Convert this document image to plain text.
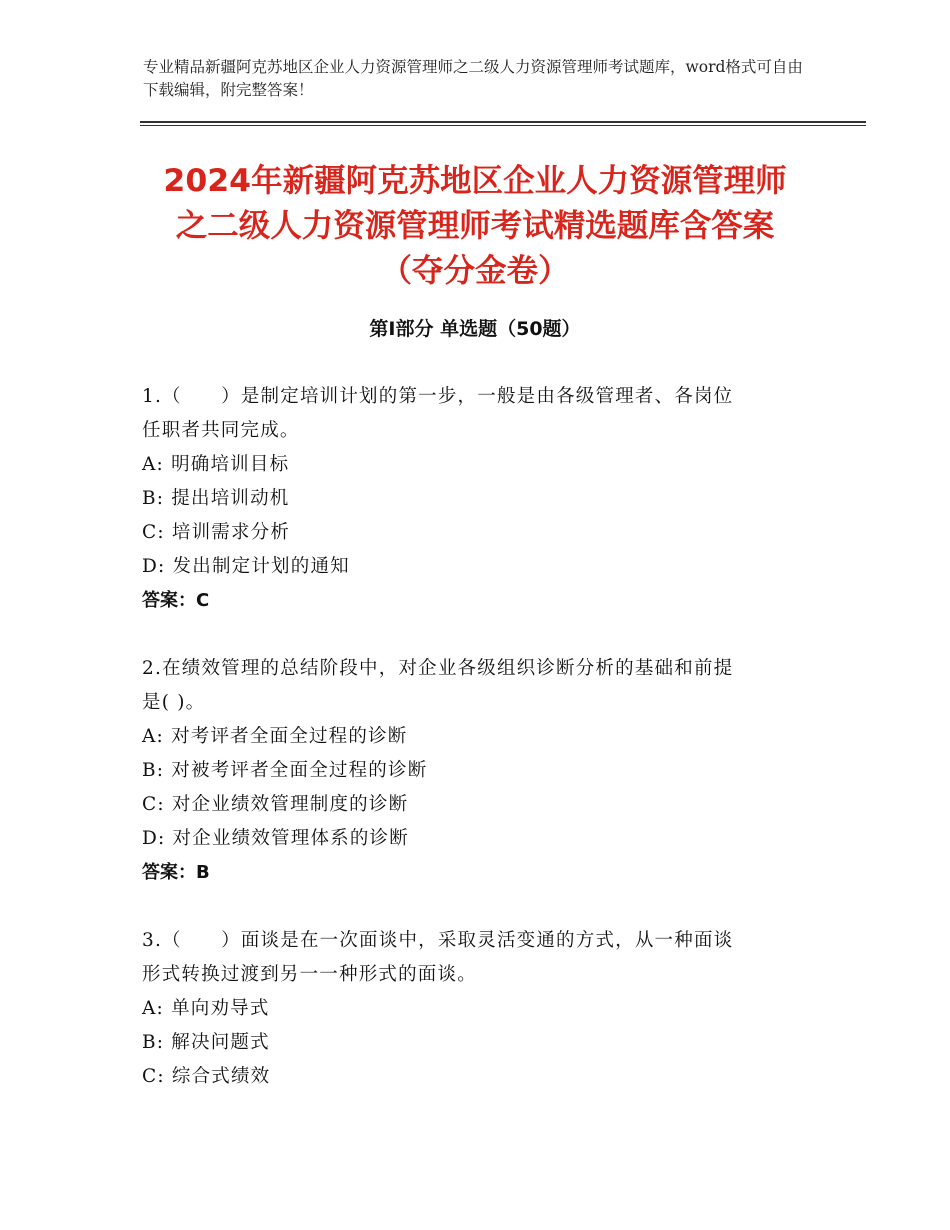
专业精品新疆阿克苏地区企业人力资源管理师之二级人力资源管理师考试题库，word格式可自由下载编辑，附完整答案！
2024年新疆阿克苏地区企业人力资源管理师
之二级人力资源管理师考试精选题库含答案
（夺分金卷）
第Ⅰ部分 单选题（50题）
1.（　　）是制定培训计划的第一步，一般是由各级管理者、各岗位
任职者共同完成。
A: 明确培训目标
B: 提出培训动机
C: 培训需求分析
D: 发出制定计划的通知
答案：C
2.在绩效管理的总结阶段中，对企业各级组织诊断分析的基础和前提
是( )。
A: 对考评者全面全过程的诊断
B: 对被考评者全面全过程的诊断
C: 对企业绩效管理制度的诊断
D: 对企业绩效管理体系的诊断
答案：B
3.（　　）面谈是在一次面谈中，采取灵活变通的方式，从一种面谈
形式转换过渡到另一一种形式的面谈。
A: 单向劝导式
B: 解决问题式
C: 综合式绩效
